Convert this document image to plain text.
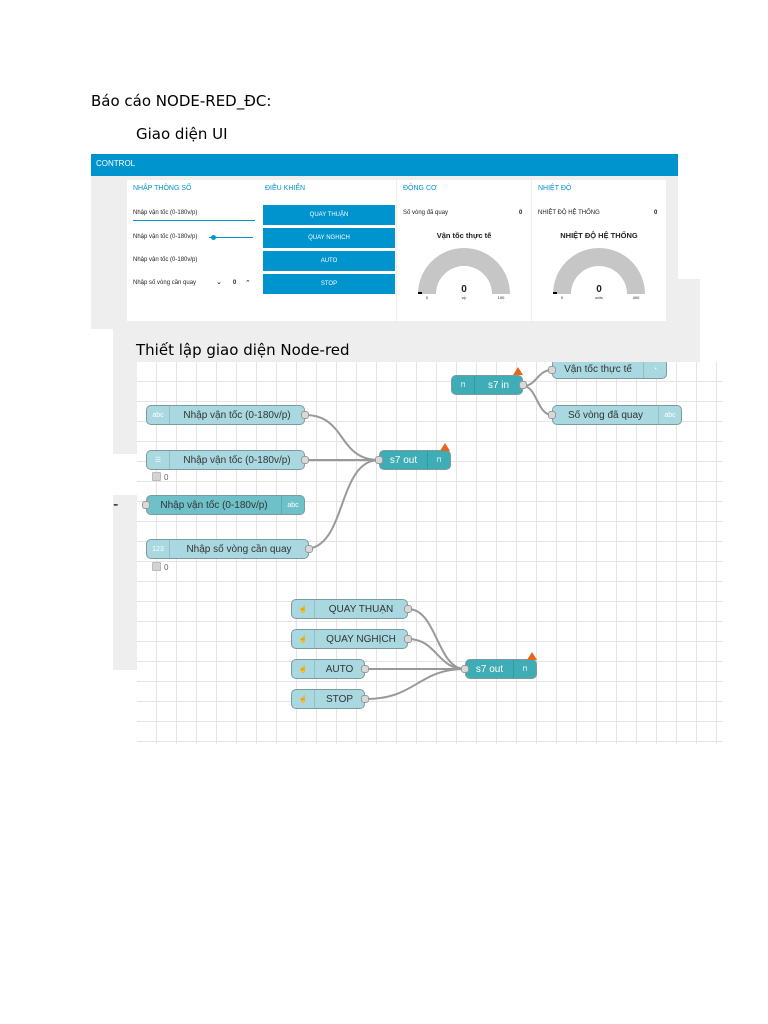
Báo cáo NODE-RED_ĐC:
Giao diện UI
CONTROL
NHẬP THÔNG SỐ
Nhập vận tốc (0-180v/p)
Nhập vận tốc (0-180v/p)
Nhập vận tốc (0-180v/p)
Nhập số vòng cần quay	⌄ 0 ⌃
ĐIỀU KHIỂN
QUAY THUẬN
QUAY NGHỊCH
AUTO
STOP
ĐỘNG CƠ
Số vòng đã quay	0
Vận tốc thực tế
0
v/p
0	100
NHIỆT ĐỘ
NHIỆT ĐỘ HỆ THỐNG	0
NHIỆT ĐỘ HỆ THỐNG
0
units
0	400
-
Thiết lập giao diện Node-red
abc	Nhập vận tốc (0-180v/p)
☰	Nhập vận tốc (0-180v/p)
0
Nhập vận tốc (0-180v/p)	abc
123	Nhập số vòng cần quay
0
s7 out	⊓
⊓	s7 in
Vận tốc thực tế	◔
Số vòng đã quay	abc
☝	QUAY THUẬN
☝	QUAY NGHỊCH
☝	AUTO
☝	STOP
s7 out	⊓
